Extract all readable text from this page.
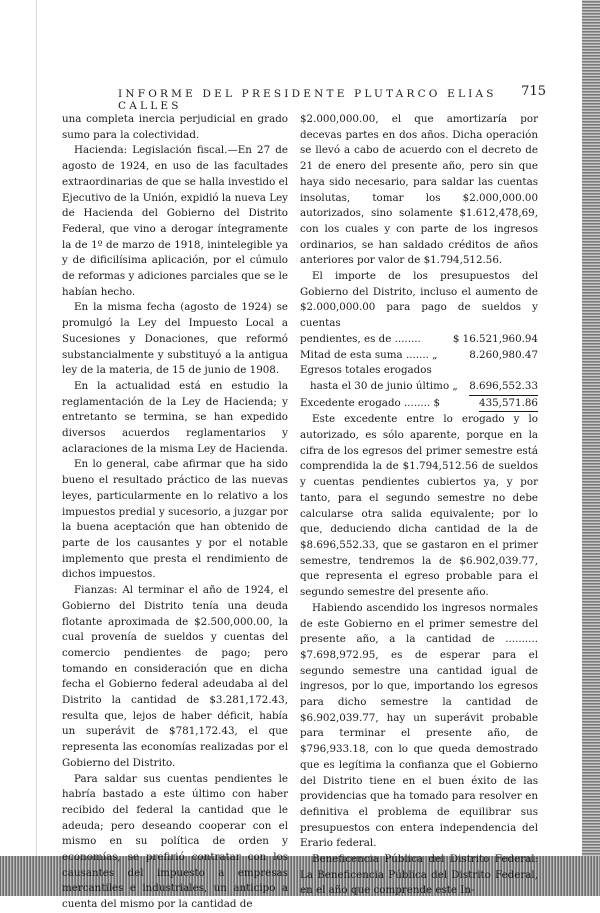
INFORME DEL PRESIDENTE PLUTARCO ELIAS CALLES
715

una completa inercia perjudicial en grado sumo para la colectividad.

Hacienda: Legislación fiscal.—En 27 de agosto de 1924, en uso de las facultades extraordinarias de que se halla investido el Ejecutivo de la Unión, expidió la nueva Ley de Hacienda del Gobierno del Distrito Federal, que vino a derogar íntegramente la de 1º de marzo de 1918, inintelegible ya y de dificilísima aplicación, por el cúmulo de reformas y adiciones parciales que se le habían hecho.

En la misma fecha (agosto de 1924) se promulgó la Ley del Impuesto Local a Sucesiones y Donaciones, que reformó substancialmente y substituyó a la antigua ley de la materia, de 15 de junio de 1908.

En la actualidad está en estudio la reglamentación de la Ley de Hacienda; y entretanto se termina, se han expedido diversos acuerdos reglamentarios y aclaraciones de la misma Ley de Hacienda.

En lo general, cabe afirmar que ha sido bueno el resultado práctico de las nuevas leyes, particularmente en lo relativo a los impuestos predial y sucesorio, a juzgar por la buena aceptación que han obtenido de parte de los causantes y por el notable implemento que presta el rendimiento de dichos impuestos.

Fianzas: Al terminar el año de 1924, el Gobierno del Distrito tenía una deuda flotante aproximada de $2.500,000.00, la cual provenía de sueldos y cuentas del comercio pendientes de pago; pero tomando en consideración que en dicha fecha el Gobierno federal adeudaba al del Distrito la cantidad de $3.281,172.43, resulta que, lejos de haber déficit, había un superávit de $781,172.43, el que representa las economías realizadas por el Gobierno del Distrito.

Para saldar sus cuentas pendientes le habría bastado a este último con haber recibido del federal la cantidad que le adeuda; pero deseando cooperar con el mismo en su política de orden y economías, se prefirió contratar con los causantes del impuesto a empresas mercantiles e industriales, un anticipo a cuenta del mismo por la cantidad de

$2.000,000.00, el que amortizaría por decevas partes en dos años. Dicha operación se llevó a cabo de acuerdo con el decreto de 21 de enero del presente año, pero sin que haya sido necesario, para saldar las cuentas insolutas, tomar los $2.000,000.00 autorizados, sino solamente $1.612,478,69, con los cuales y con parte de los ingresos ordinarios, se han saldado créditos de años anteriores por valor de $1.794,512.56.

El importe de los presupuestos del Gobierno del Distrito, incluso el aumento de $2.000,000.00 para pago de sueldos y cuentas

pendientes, es de ........	$ 16.521,960.94
Mitad de esta suma ....... „	8.260,980.47
Egresos totales erogados
hasta el 30 de junio último „ 8.696,552.33
Excedente erogado ........ $	435,571.86

Este excedente entre lo erogado y lo autorizado, es sólo aparente, porque en la cifra de los egresos del primer semestre está comprendida la de $1.794,512.56 de sueldos y cuentas pendientes cubiertos ya, y por tanto, para el segundo semestre no debe calcularse otra salida equivalente; por lo que, deduciendo dicha cantidad de la de $8.696,552.33, que se gastaron en el primer semestre, tendremos la de $6.902,039.77, que representa el egreso probable para el segundo semestre del presente año.

Habiendo ascendido los ingresos normales de este Gobierno en el primer semestre del presente año, a la cantidad de .......... $7.698,972.95, es de esperar para el segundo semestre una cantidad igual de ingresos, por lo que, importando los egresos para dicho semestre la cantidad de $6.902,039.77, hay un superávit probable para terminar el presente año, de $796,933.18, con lo que queda demostrado que es legítima la confianza que el Gobierno del Distrito tiene en el buen éxito de las providencias que ha tomado para resolver en definitiva el problema de equilibrar sus presupuestos con entera independencia del Erario federal.

Beneficencia Pública del Distrito Federal: La Beneficencia Pública del Distrito Federal, en el año que comprende este In-
